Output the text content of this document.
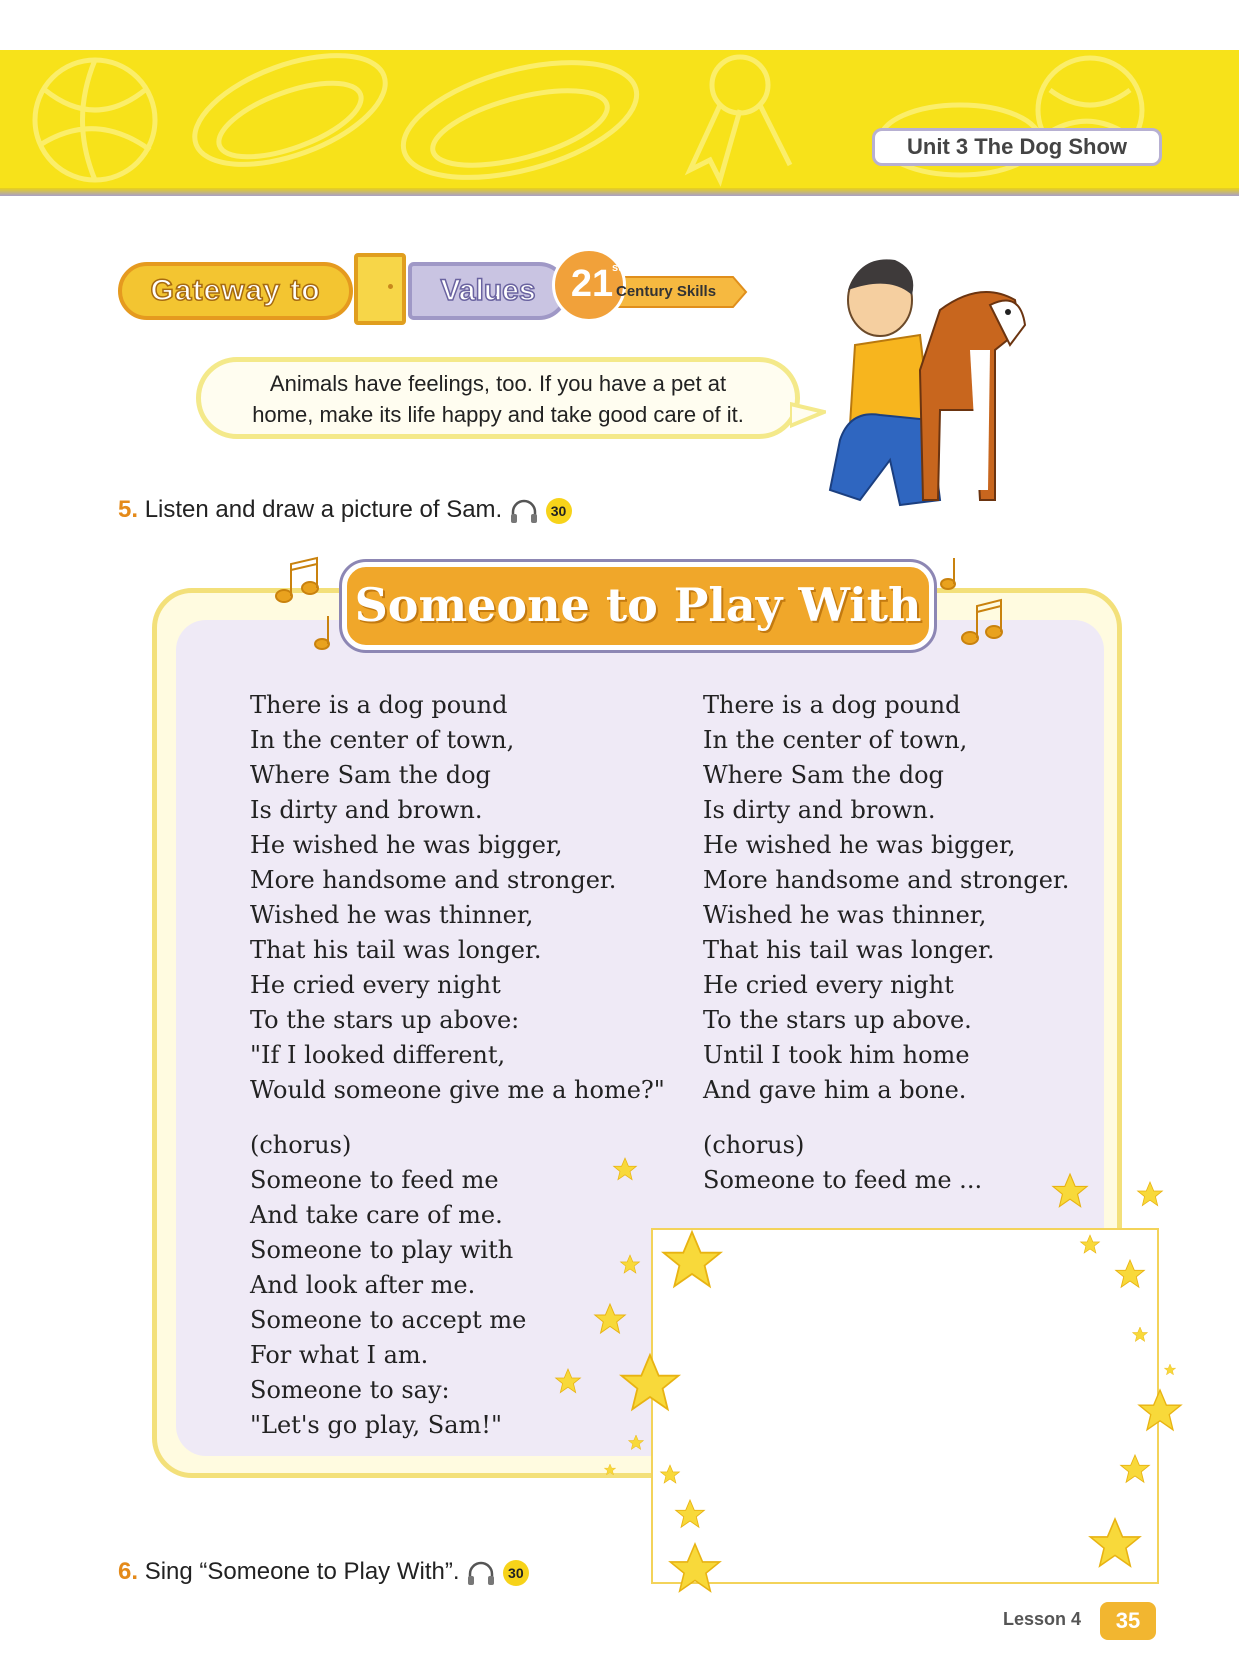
Unit 3 The Dog Show
Gateway to	Values 21
st
Century Skills
Animals have feelings, too. If you have a pet at
home, make its life happy and take good care of it.
5. Listen and draw a picture of Sam.	30
Someone to Play With
There is a dog pound
In the center of town,
Where Sam the dog
Is dirty and brown.
He wished he was bigger,
More handsome and stronger.
Wished he was thinner,
That his tail was longer.
He cried every night
To the stars up above:
"If I looked different,
Would someone give me a home?"
(chorus)
Someone to feed me
And take care of me.
Someone to play with
And look after me.
Someone to accept me
For what I am.
Someone to say:
"Let's go play, Sam!"
There is a dog pound
In the center of town,
Where Sam the dog
Is dirty and brown.
He wished he was bigger,
More handsome and stronger.
Wished he was thinner,
That his tail was longer.
He cried every night
To the stars up above.
Until I took him home
And gave him a bone.
(chorus)
Someone to feed me ...
6. Sing “Someone to Play With”.	30
Lesson 4	35
